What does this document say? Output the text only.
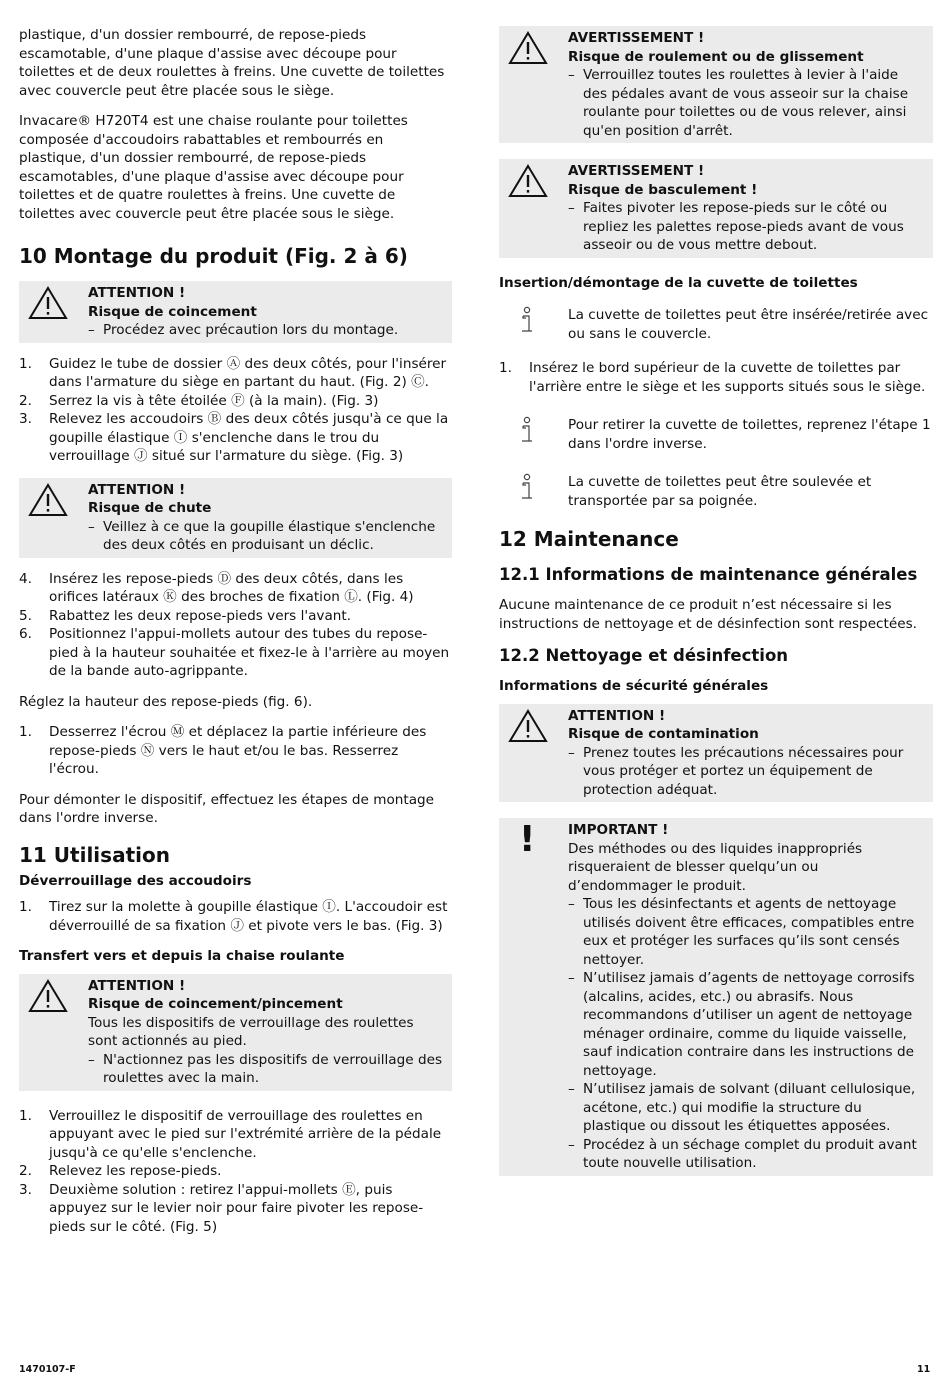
plastique, d'un dossier rembourré, de repose-pieds escamotable, d'une plaque d'assise avec découpe pour toilettes et de deux roulettes à freins. Une cuvette de toilettes avec couvercle peut être placée sous le siège.

Invacare® H720T4 est une chaise roulante pour toilettes composée d'accoudoirs rabattables et rembourrés en plastique, d'un dossier rembourré, de repose-pieds escamotables, d'une plaque d'assise avec découpe pour toilettes et de quatre roulettes à freins. Une cuvette de toilettes avec couvercle peut être placée sous le siège.

10 Montage du produit (Fig. 2 à 6)
ATTENTION !
Risque de coincement
– Procédez avec précaution lors du montage.
1. Guidez le tube de dossier Ⓐ des deux côtés, pour l'insérer dans l'armature du siège en partant du haut. (Fig. 2) Ⓒ.
2. Serrez la vis à tête étoilée Ⓕ (à la main). (Fig. 3)
3. Relevez les accoudoirs Ⓑ des deux côtés jusqu'à ce que la goupille élastique Ⓘ s'enclenche dans le trou du verrouillage Ⓙ situé sur l'armature du siège. (Fig. 3)
ATTENTION !
Risque de chute
– Veillez à ce que la goupille élastique s'enclenche des deux côtés en produisant un déclic.
4. Insérez les repose-pieds Ⓓ des deux côtés, dans les orifices latéraux Ⓚ des broches de fixation Ⓛ. (Fig. 4)
5. Rabattez les deux repose-pieds vers l'avant.
6. Positionnez l'appui-mollets autour des tubes du repose-pied à la hauteur souhaitée et fixez-le à l'arrière au moyen de la bande auto-agrippante.

Réglez la hauteur des repose-pieds (fig. 6).

1. Desserrez l'écrou Ⓜ et déplacez la partie inférieure des repose-pieds Ⓝ vers le haut et/ou le bas. Resserrez l'écrou.

Pour démonter le dispositif, effectuez les étapes de montage dans l'ordre inverse.

11 Utilisation
Déverrouillage des accoudoirs
1. Tirez sur la molette à goupille élastique Ⓘ. L'accoudoir est déverrouillé de sa fixation Ⓙ et pivote vers le bas. (Fig. 3)
Transfert vers et depuis la chaise roulante
ATTENTION !
Risque de coincement/pincement
Tous les dispositifs de verrouillage des roulettes sont actionnés au pied.
– N'actionnez pas les dispositifs de verrouillage des roulettes avec la main.
1. Verrouillez le dispositif de verrouillage des roulettes en appuyant avec le pied sur l'extrémité arrière de la pédale jusqu'à ce qu'elle s'enclenche.
2. Relevez les repose-pieds.
3. Deuxième solution : retirez l'appui-mollets Ⓔ, puis appuyez sur le levier noir pour faire pivoter les repose-pieds sur le côté. (Fig. 5)
AVERTISSEMENT !
Risque de roulement ou de glissement
– Verrouillez toutes les roulettes à levier à l'aide des pédales avant de vous asseoir sur la chaise roulante pour toilettes ou de vous relever, ainsi qu'en position d'arrêt.
AVERTISSEMENT !
Risque de basculement !
– Faites pivoter les repose-pieds sur le côté ou repliez les palettes repose-pieds avant de vous asseoir ou de vous mettre debout.
Insertion/démontage de la cuvette de toilettes
La cuvette de toilettes peut être insérée/retirée avec ou sans le couvercle.
1. Insérez le bord supérieur de la cuvette de toilettes par l'arrière entre le siège et les supports situés sous le siège.
Pour retirer la cuvette de toilettes, reprenez l'étape 1 dans l'ordre inverse.
La cuvette de toilettes peut être soulevée et transportée par sa poignée.
12 Maintenance
12.1 Informations de maintenance générales

Aucune maintenance de ce produit n’est nécessaire si les instructions de nettoyage et de désinfection sont respectées.

12.2 Nettoyage et désinfection
Informations de sécurité générales
ATTENTION !
Risque de contamination
– Prenez toutes les précautions nécessaires pour vous protéger et portez un équipement de protection adéquat.
! IMPORTANT !
Des méthodes ou des liquides inappropriés risqueraient de blesser quelqu’un ou d’endommager le produit.
– Tous les désinfectants et agents de nettoyage utilisés doivent être efficaces, compatibles entre eux et protéger les surfaces qu’ils sont censés nettoyer.
– N’utilisez jamais d’agents de nettoyage corrosifs (alcalins, acides, etc.) ou abrasifs. Nous recommandons d’utiliser un agent de nettoyage ménager ordinaire, comme du liquide vaisselle, sauf indication contraire dans les instructions de nettoyage.
– N’utilisez jamais de solvant (diluant cellulosique, acétone, etc.) qui modifie la structure du plastique ou dissout les étiquettes apposées.
– Procédez à un séchage complet du produit avant toute nouvelle utilisation.
1470107-F	11
